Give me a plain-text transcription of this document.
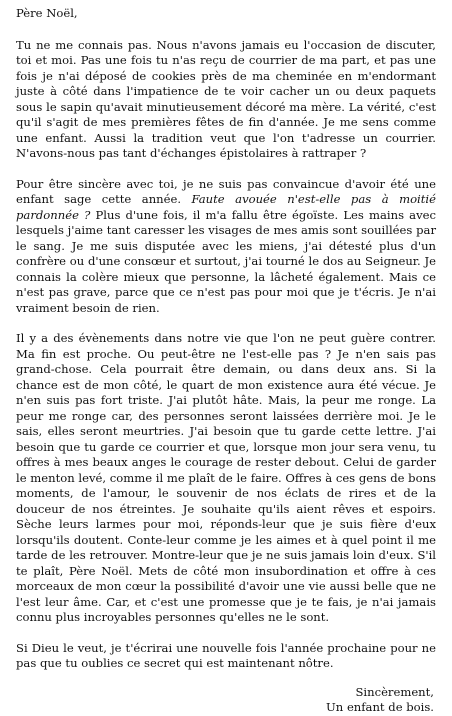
Père Noël,

Tu ne me connais pas. Nous n'avons jamais eu l'occasion de discuter, toi et moi. Pas une fois tu n'as reçu de courrier de ma part, et pas une fois je n'ai déposé de cookies près de ma cheminée en m'endormant juste à côté dans l'impatience de te voir cacher un ou deux paquets sous le sapin qu'avait minutieusement décoré ma mère. La vérité, c'est qu'il s'agit de mes premières fêtes de fin d'année. Je me sens comme une enfant. Aussi la tradition veut que l'on t'adresse un courrier. N'avons-nous pas tant d'échanges épistolaires à rattraper ?

Pour être sincère avec toi, je ne suis pas convaincue d'avoir été une enfant sage cette année. Faute avouée n'est-elle pas à moitié pardonnée ? Plus d'une fois, il m'a fallu être égoïste. Les mains avec lesquels j'aime tant caresser les visages de mes amis sont souillées par le sang. Je me suis disputée avec les miens, j'ai détesté plus d'un confrère ou d'une consœur et surtout, j'ai tourné le dos au Seigneur. Je connais la colère mieux que personne, la lâcheté également. Mais ce n'est pas grave, parce que ce n'est pas pour moi que je t'écris. Je n'ai vraiment besoin de rien.

Il y a des évènements dans notre vie que l'on ne peut guère contrer. Ma fin est proche. Ou peut-être ne l'est-elle pas ? Je n'en sais pas grand-chose. Cela pourrait être demain, ou dans deux ans. Si la chance est de mon côté, le quart de mon existence aura été vécue. Je n'en suis pas fort triste. J'ai plutôt hâte. Mais, la peur me ronge. La peur me ronge car, des personnes seront laissées derrière moi. Je le sais, elles seront meurtries. J'ai besoin que tu garde cette lettre. J'ai besoin que tu garde ce courrier et que, lorsque mon jour sera venu, tu offres à mes beaux anges le courage de rester debout. Celui de garder le menton levé, comme il me plaît de le faire. Offres à ces gens de bons moments, de l'amour, le souvenir de nos éclats de rires et de la douceur de nos étreintes. Je souhaite qu'ils aient rêves et espoirs. Sèche leurs larmes pour moi, réponds-leur que je suis fière d'eux lorsqu'ils doutent. Conte-leur comme je les aimes et à quel point il me tarde de les retrouver. Montre-leur que je ne suis jamais loin d'eux. S'il te plaît, Père Noël. Mets de côté mon insubordination et offre à ces morceaux de mon cœur la possibilité d'avoir une vie aussi belle que ne l'est leur âme. Car, et c'est une promesse que je te fais, je n'ai jamais connu plus incroyables personnes qu'elles ne le sont.

Si Dieu le veut, je t'écrirai une nouvelle fois l'année prochaine pour ne pas que tu oublies ce secret qui est maintenant nôtre.

Sincèrement,
Un enfant de bois.
